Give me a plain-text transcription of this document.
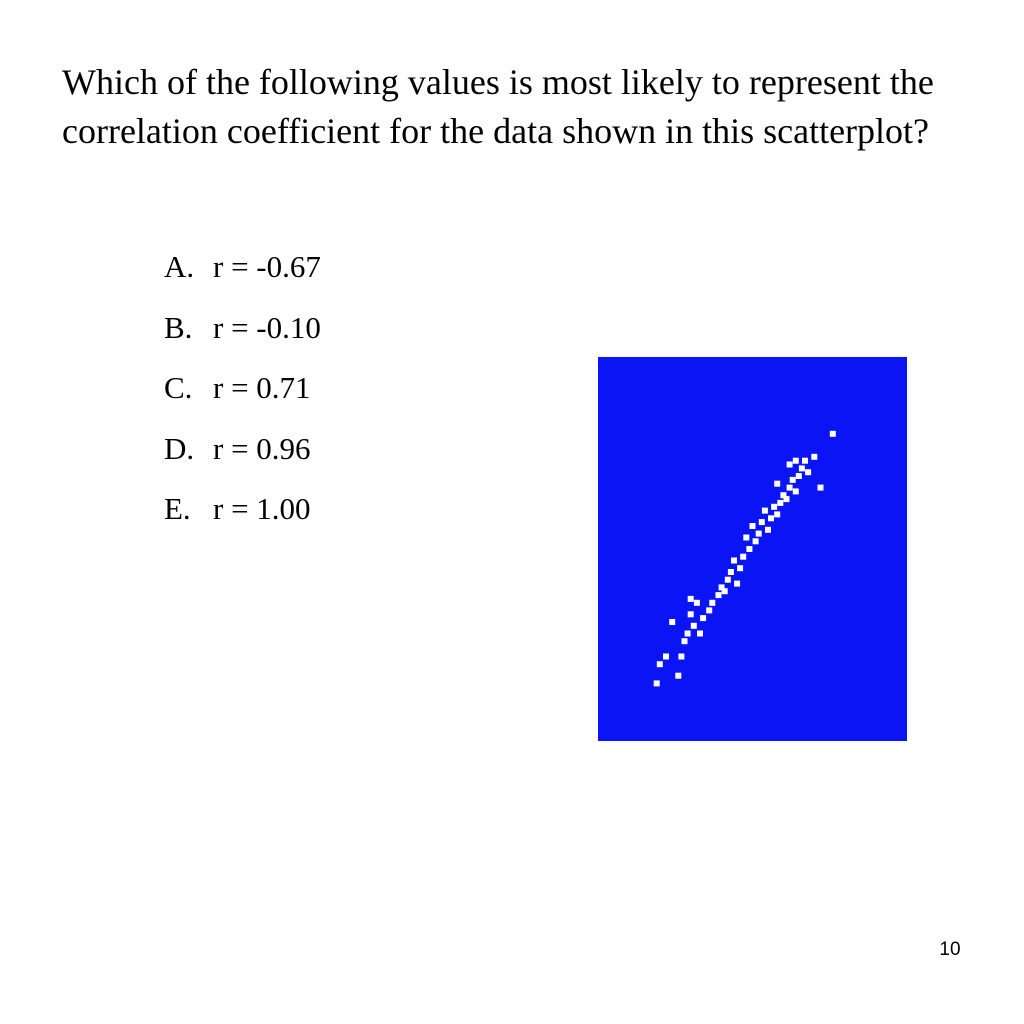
Which of the following values is most likely to represent the correlation coefficient for the data shown in this scatterplot?

A. r = -0.67
B. r = -0.10
C. r = 0.71
D. r = 0.96
E. r = 1.00
10
